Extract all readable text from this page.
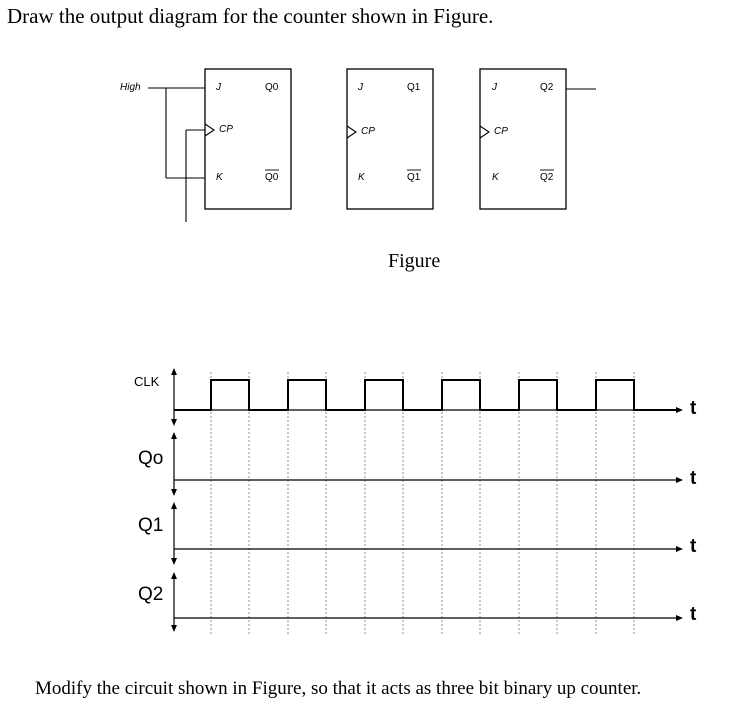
Draw the output diagram for the counter shown in Figure.
High	J	Q0
CP
K	Q0
J	Q1
CP
K	Q1
J	Q2
CP
K	Q2
Figure
CLK
Qo
Q1
Q2
t
t
t
t
Modify the circuit shown in Figure, so that it acts as three bit binary up counter.
